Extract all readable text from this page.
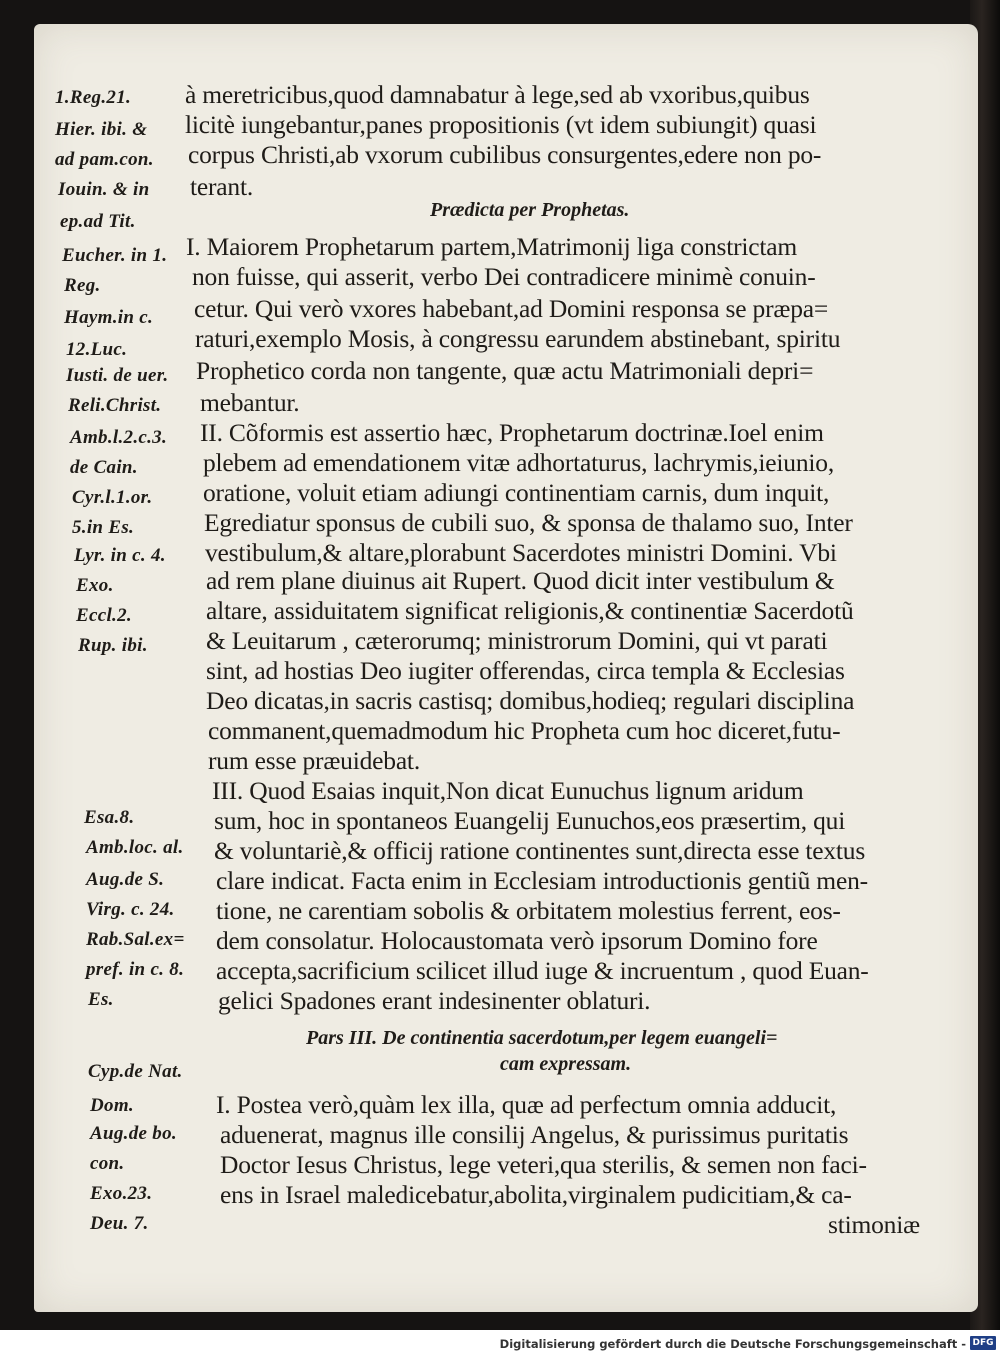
1.Reg.21.
Hier. ibi. &
ad pam.con.
Iouin. & in
ep.ad Tit.
Eucher. in 1.
Reg.
Haym.in c.
12.Luc.
Iusti. de uer.
Reli.Christ.
Amb.l.2.c.3.
de Cain.
Cyr.l.1.or.
5.in Es.
Lyr. in c. 4.
Exo.
Eccl.2.
Rup. ibi.
Esa.8.
Amb.loc. al.
Aug.de S.
Virg. c. 24.
Rab.Sal.ex=
pref. in c. 8.
Es.
Cyp.de Nat.
Dom.
Aug.de bo.
con.
Exo.23.
Deu. 7.
Prædicta per Prophetas.
Pars III. De continentia sacerdotum,per legem euangeli=
cam expressam.
à meretricibus,quod damnabatur à lege,sed ab vxoribus,quibus
licitè iungebantur,panes propositionis (vt idem subiungit) quasi
corpus Christi,ab vxorum cubilibus consurgentes,edere non po-
terant.
I. Maiorem Prophetarum partem,Matrimonij liga constrictam
non fuisse, qui asserit, verbo Dei contradicere minimè conuin-
cetur. Qui verò vxores habebant,ad Domini responsa se præpa=
raturi,exemplo Mosis, à congressu earundem abstinebant, spiritu
Prophetico corda non tangente, quæ actu Matrimoniali depri=
mebantur.
II. Cõformis est assertio hæc, Prophetarum doctrinæ.Ioel enim
plebem ad emendationem vitæ adhortaturus, lachrymis,ieiunio,
oratione, voluit etiam adiungi continentiam carnis, dum inquit,
Egrediatur sponsus de cubili suo, & sponsa de thalamo suo, Inter
vestibulum,& altare,plorabunt Sacerdotes ministri Domini. Vbi
ad rem plane diuinus ait Rupert. Quod dicit inter vestibulum &
altare, assiduitatem significat religionis,& continentiæ Sacerdotũ
& Leuitarum , cæterorumq; ministrorum Domini, qui vt parati
sint, ad hostias Deo iugiter offerendas, circa templa & Ecclesias
Deo dicatas,in sacris castisq; domibus,hodieq; regulari disciplina
commanent,quemadmodum hic Propheta cum hoc diceret,futu-
rum esse præuidebat.
III. Quod Esaias inquit,Non dicat Eunuchus lignum aridum
sum, hoc in spontaneos Euangelij Eunuchos,eos præsertim, qui
& voluntariè,& officij ratione continentes sunt,directa esse textus
clare indicat. Facta enim in Ecclesiam introductionis gentiũ men-
tione, ne carentiam sobolis & orbitatem molestius ferrent, eos-
dem consolatur. Holocaustomata verò ipsorum Domino fore
accepta,sacrificium scilicet illud iuge & incruentum , quod Euan-
gelici Spadones erant indesinenter oblaturi.
I. Postea verò,quàm lex illa, quæ ad perfectum omnia adducit,
aduenerat, magnus ille consilij Angelus, & purissimus puritatis
Doctor Iesus Christus, lege veteri,qua sterilis, & semen non faci-
ens in Israel maledicebatur,abolita,virginalem pudicitiam,& ca-
stimoniæ
Digitalisierung gefördert durch die Deutsche Forschungsgemeinschaft - DFG
